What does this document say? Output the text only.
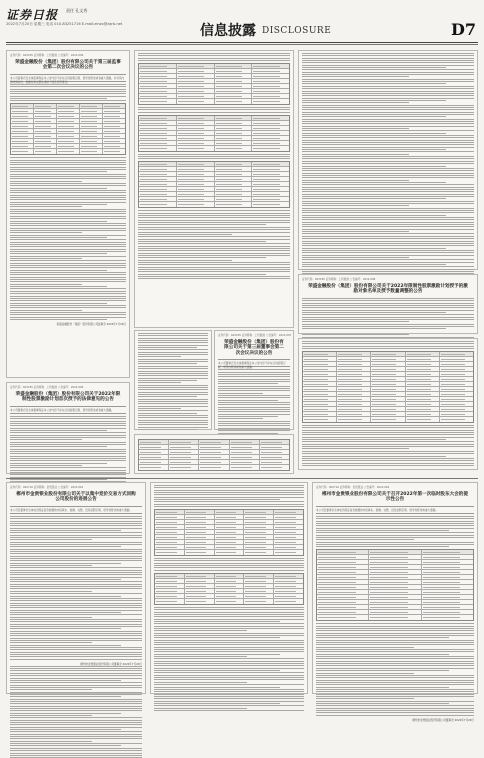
证券日报 责任 孔文秀
2022年7月20日 星期三 电话 010-83251716 E-mail:zmzx@zqrb.net	信息披露 DISCLOSURE	D7
证券代码：603185 证券简称：上机数控 公告编号：2022-096
荣盛金融股份（集团）股份有限公司关于第三届监事会第二次会议决议的公告
本公司监事会及全体监事保证本公告内容不存在任何虚假记载、误导性陈述或者重大遗漏，并对其内容的真实性、准确性和完整性承担个别及连带责任。
荣盛金融股份（集团）股份有限公司监事会 2022年7月20日
证券代码：603185 证券简称：上机数控 公告编号：2022-097
荣盛金融股份（集团）股份有限公司关于第三届董事会第二次会议决议的公告
本公司董事会及全体董事保证本公告内容不存在任何虚假记载、误导性陈述或者重大遗漏。
证券代码：603185 证券简称：上机数控 公告编号：2022-098
荣盛金融股份（集团）股份有限公司关于2022年限制性股票激励计划授予的激励对象名单及授予数量调整的公告
证券代码：603185 证券简称：上机数控 公告编号：2022-099
荣盛金融股份（集团）股份有限公司关于2022年限制性股票激励计划首次授予的法律意见的公告
本公司董事会及全体董事保证本公告内容不存在任何虚假记载、误导性陈述或者重大遗漏。
证券代码：002716 证券简称：金贵银业 公告编号：2022-061
郴州市金贵银业股份有限公司关于以集中竞价交易方式回购公司股份的进展公告
本公司及董事会全体成员保证信息披露的内容真实、准确、完整，没有虚假记载、误导性陈述或重大遗漏。
郴州市金贵银业股份有限公司董事会 2022年7月20日
证券代码：002716 证券简称：金贵银业 公告编号：2022-062
郴州市金贵银业股份有限公司关于召开2022年第一次临时股东大会的提示性公告
本公司及董事会全体成员保证信息披露的内容真实、准确、完整，没有虚假记载、误导性陈述或重大遗漏。
郴州市金贵银业股份有限公司董事会 2022年7月20日
